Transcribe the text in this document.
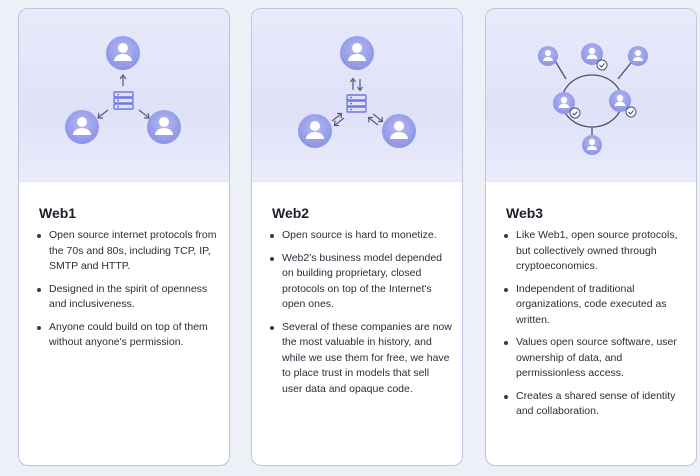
Web1
Open source internet protocols from the 70s and 80s, including TCP, IP, SMTP and HTTP.
Designed in the spirit of openness and inclusiveness.
Anyone could build on top of them without anyone's permission.
Web2
Open source is hard to monetize.
Web2's business model depended on building proprietary, closed protocols on top of the Internet's open ones.
Several of these companies are now the most valuable in history, and while we use them for free, we have to place trust in models that sell user data and opaque code.
Web3
Like Web1, open source protocols, but collectively owned through cryptoeconomics.
Independent of traditional organizations, code executed as written.
Values open source software, user ownership of data, and permissionless access.
Creates a shared sense of identity and collaboration.
